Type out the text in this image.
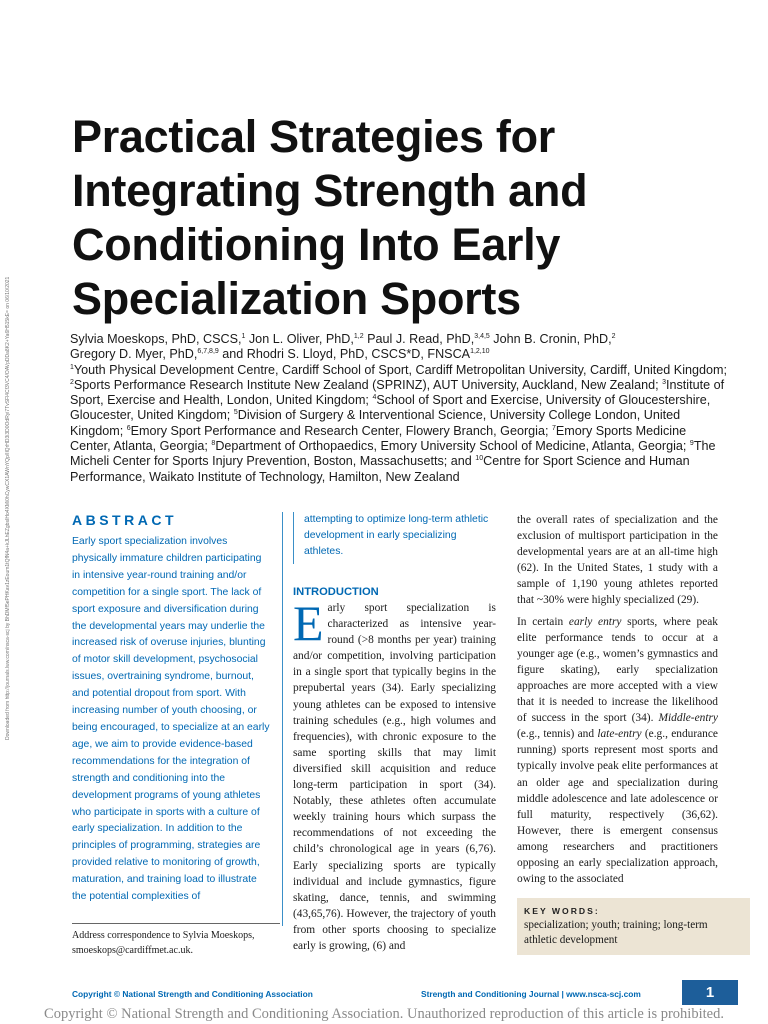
Downloaded from http://journals.lww.com/nsca-scj by BhDMf5ePHKav1zEoum1tQfN4a+kJLhEZgbsIHo4XMi0hCywCX1AWnYQp/IlQrHD3i3D0OdRyi7TvSFl4Cf3VC4/OAVpDDa8K2+Ya6H515kE= on 06/10/2021
Practical Strategies for Integrating Strength and Conditioning Into Early Specialization Sports
Sylvia Moeskops, PhD, CSCS,$^1$ Jon L. Oliver, PhD,$^{1,2}$ Paul J. Read, PhD,$^{3,4,5}$ John B. Cronin, PhD,$^2$
Gregory D. Myer, PhD,$^{6,7,8,9}$ and Rhodri S. Lloyd, PhD, CSCS*D, FNSCA$^{1,2,10}$

$^1$Youth Physical Development Centre, Cardiff School of Sport, Cardiff Metropolitan University, Cardiff, United Kingdom; $^2$Sports Performance Research Institute New Zealand (SPRINZ), AUT University, Auckland, New Zealand; $^3$Institute of Sport, Exercise and Health, London, United Kingdom; $^4$School of Sport and Exercise, University of Gloucestershire, Gloucester, United Kingdom; $^5$Division of Surgery & Interventional Science, University College London, United Kingdom; $^6$Emory Sport Performance and Research Center, Flowery Branch, Georgia; $^7$Emory Sports Medicine Center, Atlanta, Georgia; $^8$Department of Orthopaedics, Emory University School of Medicine, Atlanta, Georgia; $^9$The Micheli Center for Sports Injury Prevention, Boston, Massachusetts; and $^{10}$Centre for Sport Science and Human Performance, Waikato Institute of Technology, Hamilton, New Zealand

ABSTRACT

Early sport specialization involves physically immature children participating in intensive year-round training and/or competition for a single sport. The lack of sport exposure and diversification during the developmental years may underlie the increased risk of overuse injuries, blunting of motor skill development, psychosocial issues, overtraining syndrome, burnout, and potential dropout from sport. With increasing number of youth choosing, or being encouraged, to specialize at an early age, we aim to provide evidence-based recommendations for the integration of strength and conditioning into the development programs of young athletes who participate in sports with a culture of early specialization. In addition to the principles of programming, strategies are provided relative to monitoring of growth, maturation, and training load to illustrate the potential complexities of

attempting to optimize long-term athletic development in early specializing athletes.

INTRODUCTION

Early sport specialization is characterized as intensive year-round (>8 months per year) training and/or competition, involving participation in a single sport that typically begins in the prepubertal years (34). Early specializing young athletes can be exposed to intensive training schedules (e.g., high volumes and frequencies), with chronic exposure to the same sporting skills that may limit diversified skill acquisition and reduce long-term participation in sport (34). Notably, these athletes often accumulate weekly training hours which surpass the recommendations of not exceeding the child’s chronological age in years (6,76). Early specializing sports are typically individual and include gymnastics, figure skating, dance, tennis, and swimming (43,65,76). However, the trajectory of youth from other sports choosing to specialize early is growing, (6) and

the overall rates of specialization and the exclusion of multisport participation in the developmental years are at an all-time high (62). In the United States, 1 study with a sample of 1,190 young athletes reported that ~30% were highly specialized (29).

In certain early entry sports, where peak elite performance tends to occur at a younger age (e.g., women’s gymnastics and figure skating), early specialization approaches are more accepted with a view that it is needed to increase the likelihood of success in the sport (34). Middle-entry (e.g., tennis) and late-entry (e.g., endurance running) sports represent most sports and typically involve peak elite performances at an older age and specialization during middle adolescence and late adolescence or full maturity, respectively (36,62). However, there is emergent consensus among researchers and practitioners opposing an early specialization approach, owing to the associated

KEY WORDS:
specialization; youth; training; long-term athletic development
Address correspondence to Sylvia Moeskops,
smoeskops@cardiffmet.ac.uk.
Copyright © National Strength and Conditioning Association	Strength and Conditioning Journal | www.nsca-scj.com	1
Copyright © National Strength and Conditioning Association. Unauthorized reproduction of this article is prohibited.
